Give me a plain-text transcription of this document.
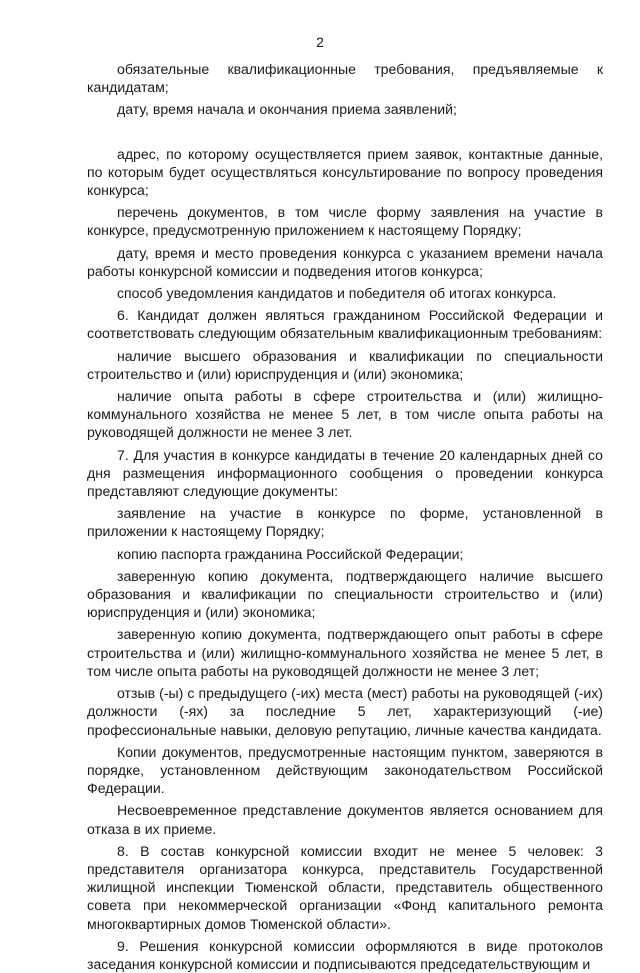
2

обязательные квалификационные требования, предъявляемые к кандидатам;

дату, время начала и окончания приема заявлений;

адрес, по которому осуществляется прием заявок, контактные данные, по которым будет осуществляться консультирование по вопросу проведения конкурса;

перечень документов, в том числе форму заявления на участие в конкурсе, предусмотренную приложением к настоящему Порядку;

дату, время и место проведения конкурса с указанием времени начала работы конкурсной комиссии и подведения итогов конкурса;

способ уведомления кандидатов и победителя об итогах конкурса.

6. Кандидат должен являться гражданином Российской Федерации и соответствовать следующим обязательным квалификационным требованиям:

наличие высшего образования и квалификации по специальности строительство и (или) юриспруденция и (или) экономика;

наличие опыта работы в сфере строительства и (или) жилищно-коммунального хозяйства не менее 5 лет, в том числе опыта работы на руководящей должности не менее 3 лет.

7. Для участия в конкурсе кандидаты в течение 20 календарных дней со дня размещения информационного сообщения о проведении конкурса представляют следующие документы:

заявление на участие в конкурсе по форме, установленной в приложении к настоящему Порядку;

копию паспорта гражданина Российской Федерации;

заверенную копию документа, подтверждающего наличие высшего образования и квалификации по специальности строительство и (или) юриспруденция и (или) экономика;

заверенную копию документа, подтверждающего опыт работы в сфере строительства и (или) жилищно-коммунального хозяйства не менее 5 лет, в том числе опыта работы на руководящей должности не менее 3 лет;

отзыв (-ы) с предыдущего (-их) места (мест) работы на руководящей (-их) должности (-ях) за последние 5 лет, характеризующий (-ие) профессиональные навыки, деловую репутацию, личные качества кандидата.

Копии документов, предусмотренные настоящим пунктом, заверяются в порядке, установленном действующим законодательством Российской Федерации.

Несвоевременное представление документов является основанием для отказа в их приеме.

8. В состав конкурсной комиссии входит не менее 5 человек: 3 представителя организатора конкурса, представитель Государственной жилищной инспекции Тюменской области, представитель общественного совета при некоммерческой организации «Фонд капитального ремонта многоквартирных домов Тюменской области».

9. Решения конкурсной комиссии оформляются в виде протоколов заседания конкурсной комиссии и подписываются председательствующим и
